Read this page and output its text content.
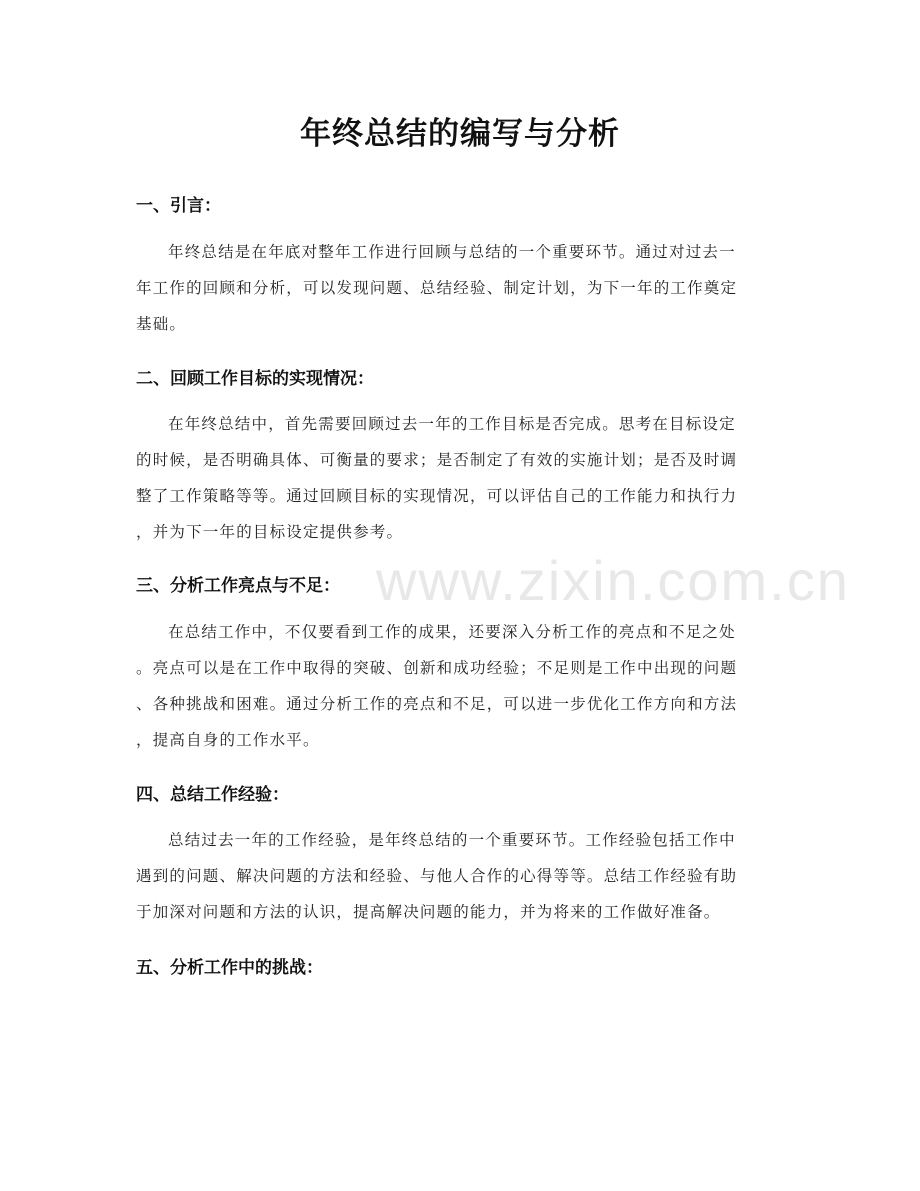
年终总结的编写与分析
一、引言：
年终总结是在年底对整年工作进行回顾与总结的一个重要环节。通过对过去一
年工作的回顾和分析，可以发现问题、总结经验、制定计划，为下一年的工作奠定
基础。
二、回顾工作目标的实现情况：
在年终总结中，首先需要回顾过去一年的工作目标是否完成。思考在目标设定
的时候，是否明确具体、可衡量的要求；是否制定了有效的实施计划；是否及时调
整了工作策略等等。通过回顾目标的实现情况，可以评估自己的工作能力和执行力
，并为下一年的目标设定提供参考。
三、分析工作亮点与不足：
在总结工作中，不仅要看到工作的成果，还要深入分析工作的亮点和不足之处
。亮点可以是在工作中取得的突破、创新和成功经验；不足则是工作中出现的问题
、各种挑战和困难。通过分析工作的亮点和不足，可以进一步优化工作方向和方法
，提高自身的工作水平。
四、总结工作经验：
总结过去一年的工作经验，是年终总结的一个重要环节。工作经验包括工作中
遇到的问题、解决问题的方法和经验、与他人合作的心得等等。总结工作经验有助
于加深对问题和方法的认识，提高解决问题的能力，并为将来的工作做好准备。
五、分析工作中的挑战：
www.zixin.com.cn
